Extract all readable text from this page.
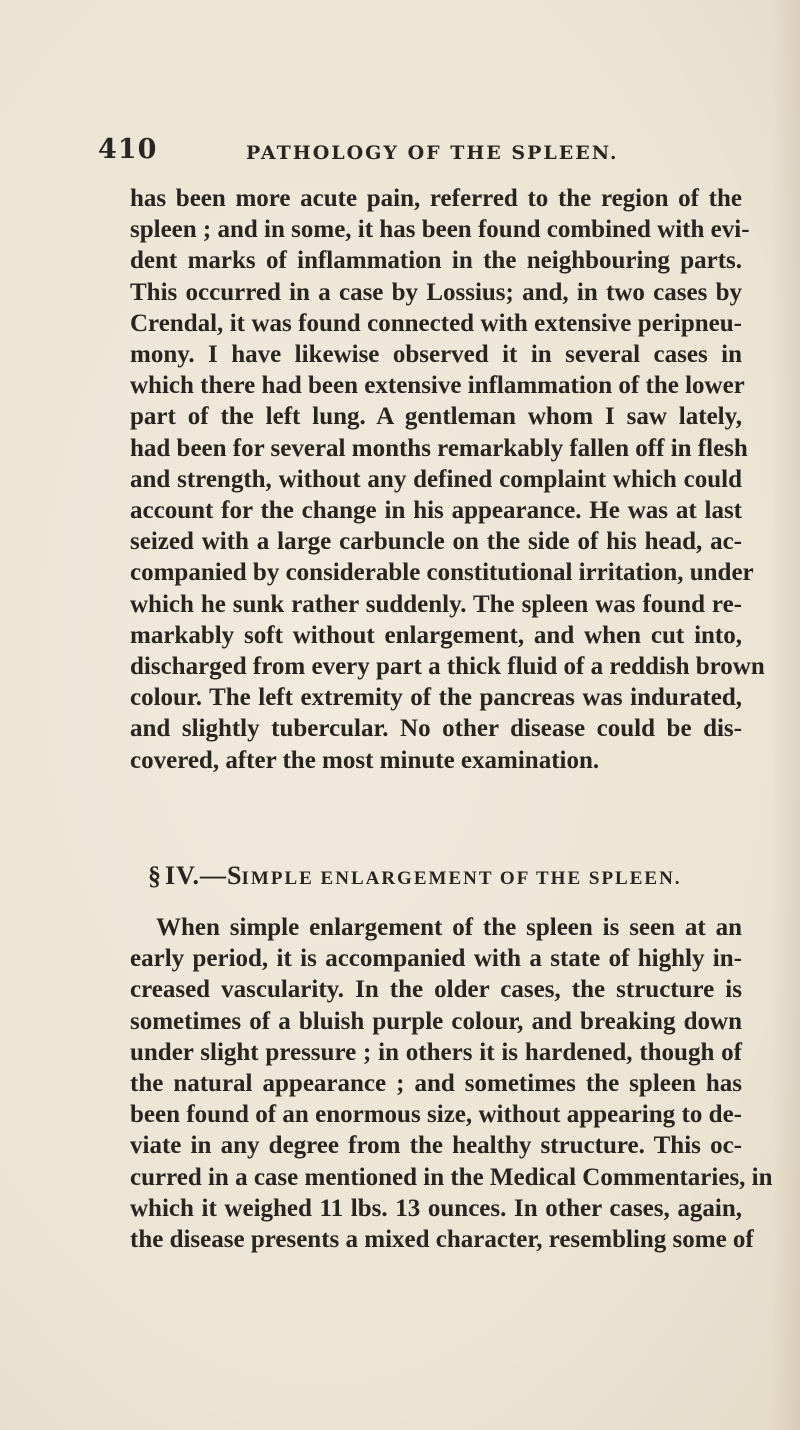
410	PATHOLOGY OF THE SPLEEN.
has been more acute pain, referred to the region of the
spleen ; and in some, it has been found combined with evi-
dent marks of inflammation in the neighbouring parts.
This occurred in a case by Lossius; and, in two cases by
Crendal, it was found connected with extensive peripneu-
mony. I have likewise observed it in several cases in
which there had been extensive inflammation of the lower
part of the left lung. A gentleman whom I saw lately,
had been for several months remarkably fallen off in flesh
and strength, without any defined complaint which could
account for the change in his appearance. He was at last
seized with a large carbuncle on the side of his head, ac-
companied by considerable constitutional irritation, under
which he sunk rather suddenly. The spleen was found re-
markably soft without enlargement, and when cut into,
discharged from every part a thick fluid of a reddish brown
colour. The left extremity of the pancreas was indurated,
and slightly tubercular. No other disease could be dis-
covered, after the most minute examination.
§ IV.—SIMPLE ENLARGEMENT OF THE SPLEEN.
When simple enlargement of the spleen is seen at an
early period, it is accompanied with a state of highly in-
creased vascularity. In the older cases, the structure is
sometimes of a bluish purple colour, and breaking down
under slight pressure ; in others it is hardened, though of
the natural appearance ; and sometimes the spleen has
been found of an enormous size, without appearing to de-
viate in any degree from the healthy structure. This oc-
curred in a case mentioned in the Medical Commentaries, in
which it weighed 11 lbs. 13 ounces. In other cases, again,
the disease presents a mixed character, resembling some of
